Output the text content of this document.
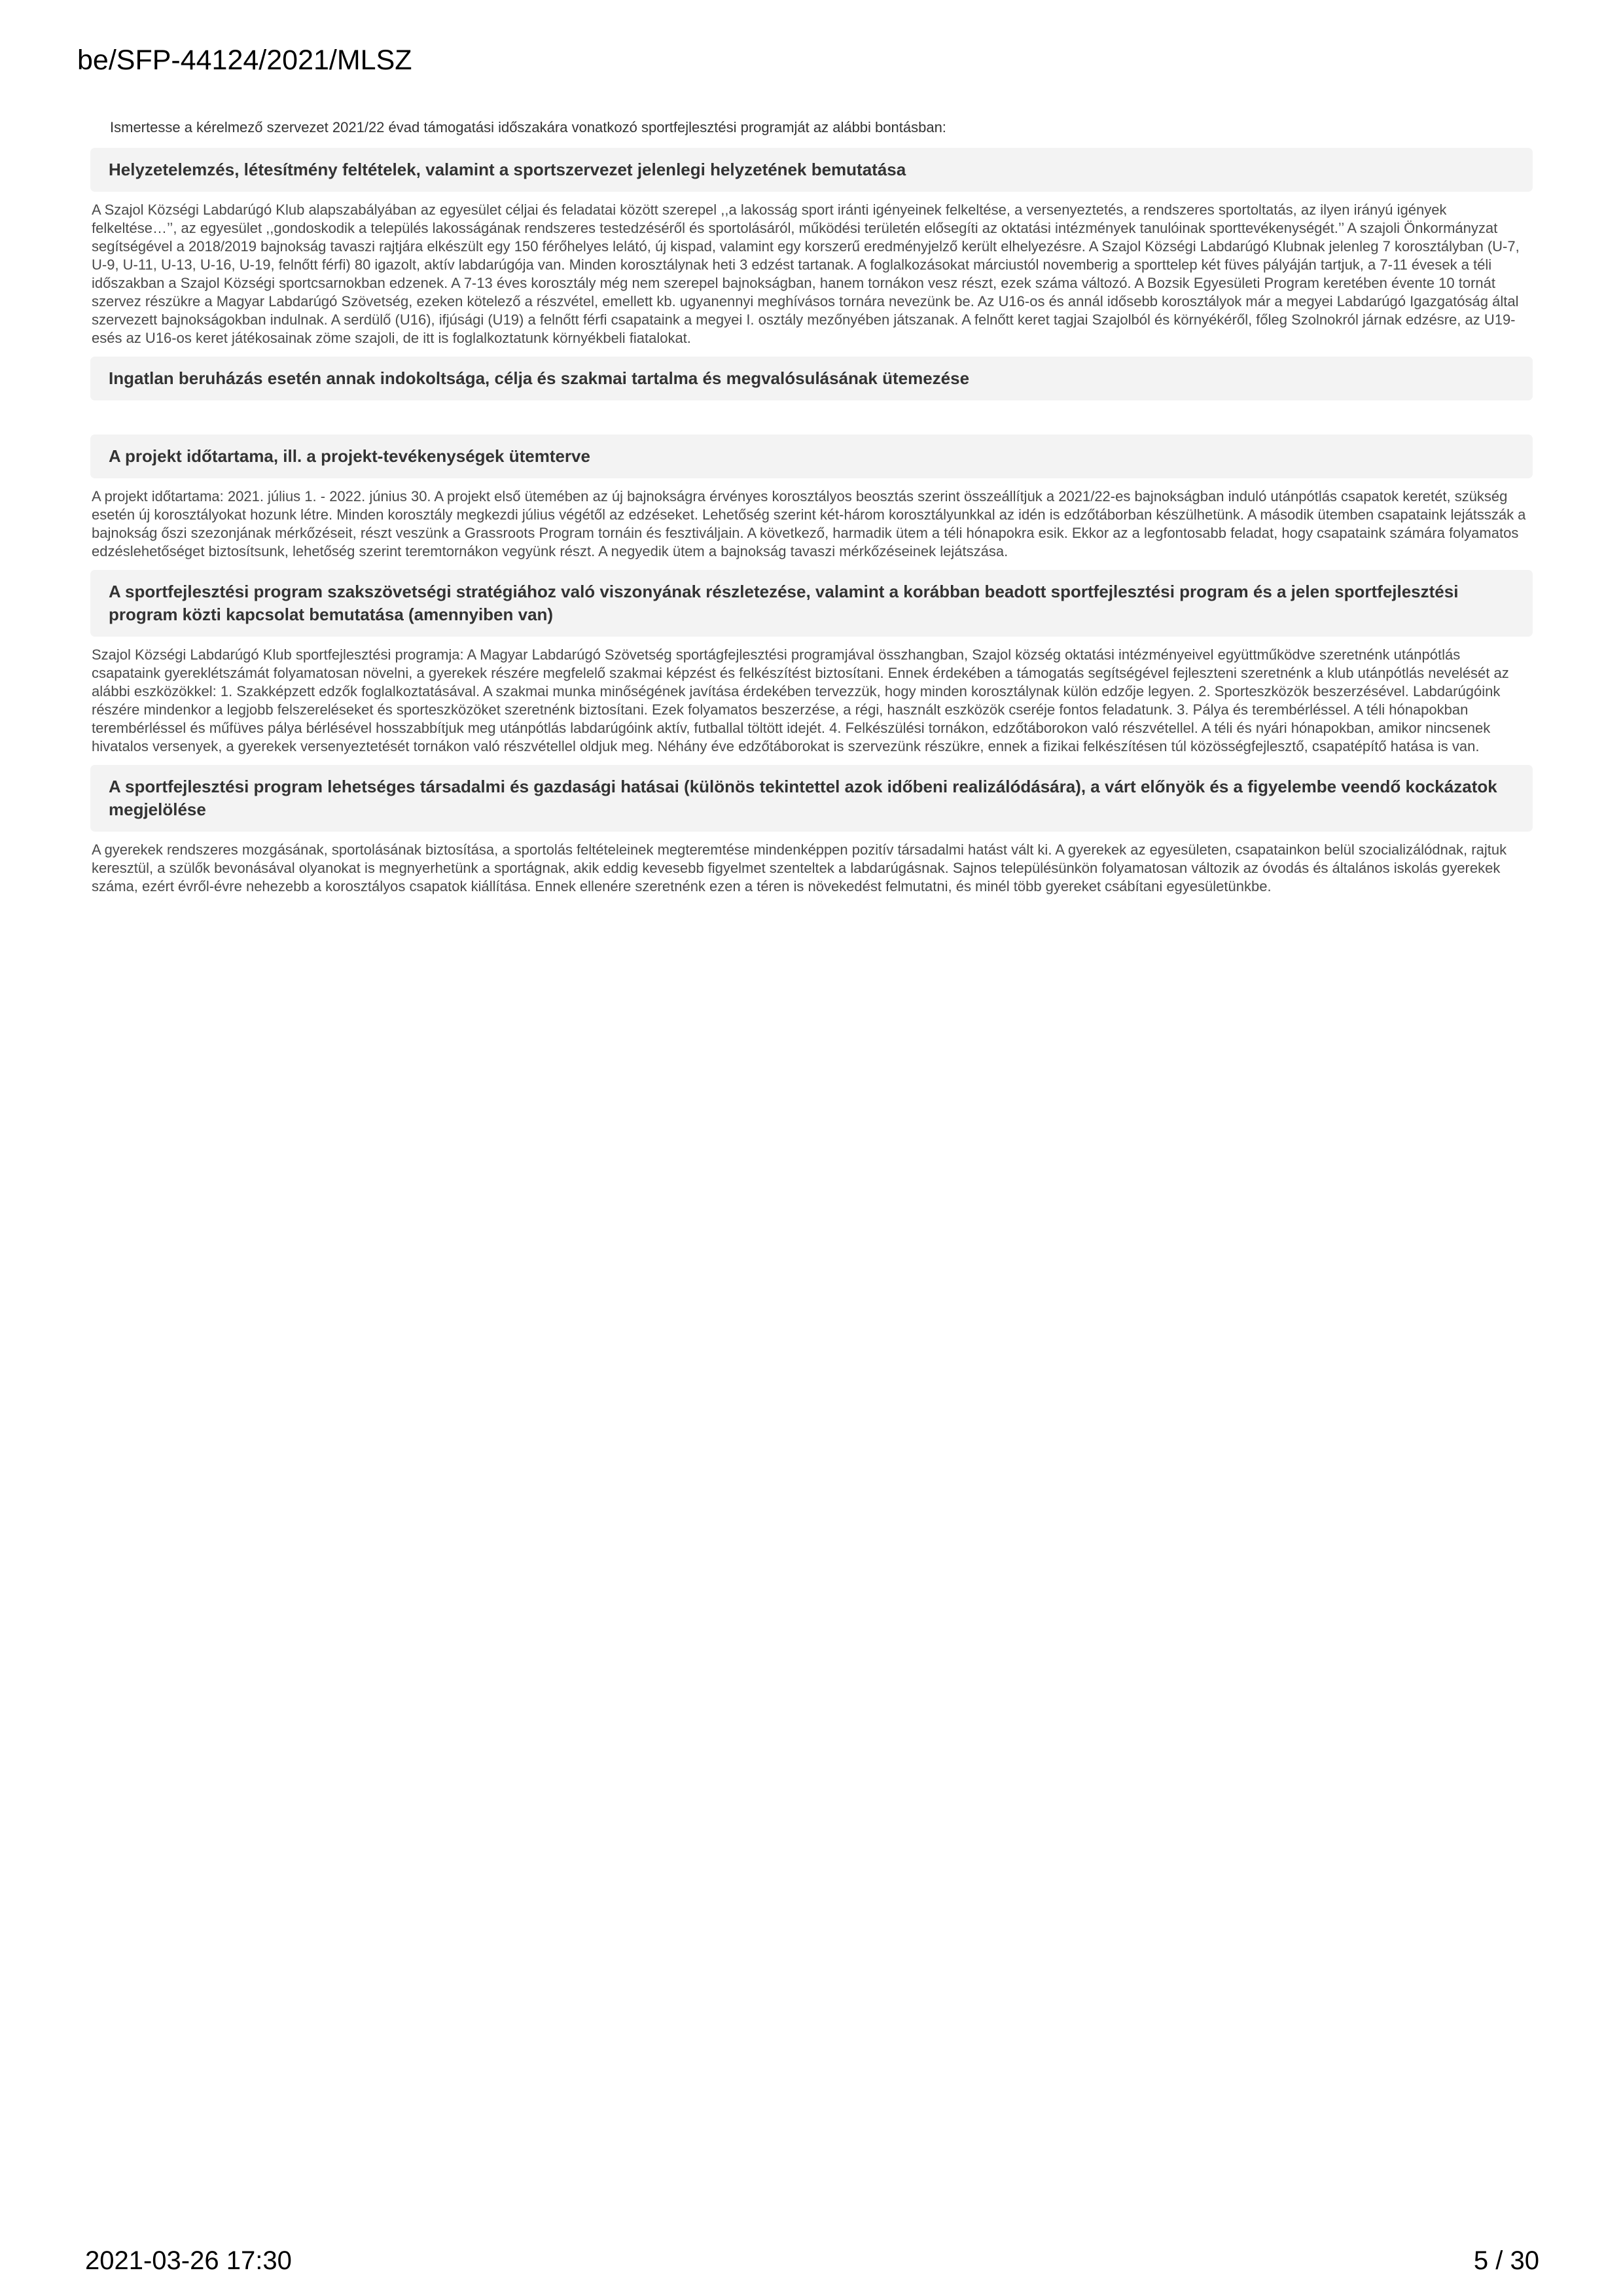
be/SFP-44124/2021/MLSZ

Ismertesse a kérelmező szervezet 2021/22 évad támogatási időszakára vonatkozó sportfejlesztési programját az alábbi bontásban:

Helyzetelemzés, létesítmény feltételek, valamint a sportszervezet jelenlegi helyzetének bemutatása
A Szajol Községi Labdarúgó Klub alapszabályában az egyesület céljai és feladatai között szerepel ,,a lakosság sport iránti igényeinek felkeltése, a versenyeztetés, a rendszeres sportoltatás, az ilyen irányú igények felkeltése…’’, az egyesület ,,gondoskodik a település lakosságának rendszeres testedzéséről és sportolásáról, működési területén elősegíti az oktatási intézmények tanulóinak sporttevékenységét.’’ A szajoli Önkormányzat segítségével a 2018/2019 bajnokság tavaszi rajtjára elkészült egy 150 férőhelyes lelátó, új kispad, valamint egy korszerű eredményjelző került elhelyezésre. A Szajol Községi Labdarúgó Klubnak jelenleg 7 korosztályban (U-7, U-9, U-11, U-13, U-16, U-19, felnőtt férfi) 80 igazolt, aktív labdarúgója van. Minden korosztálynak heti 3 edzést tartanak. A foglalkozásokat márciustól novemberig a sporttelep két füves pályáján tartjuk, a 7-11 évesek a téli időszakban a Szajol Községi sportcsarnokban edzenek. A 7-13 éves korosztály még nem szerepel bajnokságban, hanem tornákon vesz részt, ezek száma változó. A Bozsik Egyesületi Program keretében évente 10 tornát szervez részükre a Magyar Labdarúgó Szövetség, ezeken kötelező a részvétel, emellett kb. ugyanennyi meghívásos tornára nevezünk be. Az U16-os és annál idősebb korosztályok már a megyei Labdarúgó Igazgatóság által szervezett bajnokságokban indulnak. A serdülő (U16), ifjúsági (U19) a felnőtt férfi csapataink a megyei I. osztály mezőnyében játszanak. A felnőtt keret tagjai Szajolból és környékéről, főleg Szolnokról járnak edzésre, az U19-esés az U16-os keret játékosainak zöme szajoli, de itt is foglalkoztatunk környékbeli fiatalokat.
Ingatlan beruházás esetén annak indokoltsága, célja és szakmai tartalma és megvalósulásának ütemezése
A projekt időtartama, ill. a projekt-tevékenységek ütemterve
A projekt időtartama: 2021. július 1. - 2022. június 30. A projekt első ütemében az új bajnokságra érvényes korosztályos beosztás szerint összeállítjuk a 2021/22-es bajnokságban induló utánpótlás csapatok keretét, szükség esetén új korosztályokat hozunk létre. Minden korosztály megkezdi július végétől az edzéseket. Lehetőség szerint két-három korosztályunkkal az idén is edzőtáborban készülhetünk. A második ütemben csapataink lejátsszák a bajnokság őszi szezonjának mérkőzéseit, részt veszünk a Grassroots Program tornáin és fesztiváljain. A következő, harmadik ütem a téli hónapokra esik. Ekkor az a legfontosabb feladat, hogy csapataink számára folyamatos edzéslehetőséget biztosítsunk, lehetőség szerint teremtornákon vegyünk részt. A negyedik ütem a bajnokság tavaszi mérkőzéseinek lejátszása.
A sportfejlesztési program szakszövetségi stratégiához való viszonyának részletezése, valamint a korábban beadott sportfejlesztési program és a jelen sportfejlesztési program közti kapcsolat bemutatása (amennyiben van)
Szajol Községi Labdarúgó Klub sportfejlesztési programja: A Magyar Labdarúgó Szövetség sportágfejlesztési programjával összhangban, Szajol község oktatási intézményeivel együttműködve szeretnénk utánpótlás csapataink gyereklétszámát folyamatosan növelni, a gyerekek részére megfelelő szakmai képzést és felkészítést biztosítani. Ennek érdekében a támogatás segítségével fejleszteni szeretnénk a klub utánpótlás nevelését az alábbi eszközökkel: 1. Szakképzett edzők foglalkoztatásával. A szakmai munka minőségének javítása érdekében tervezzük, hogy minden korosztálynak külön edzője legyen. 2. Sporteszközök beszerzésével. Labdarúgóink részére mindenkor a legjobb felszereléseket és sporteszközöket szeretnénk biztosítani. Ezek folyamatos beszerzése, a régi, használt eszközök cseréje fontos feladatunk. 3. Pálya és terembérléssel. A téli hónapokban terembérléssel és műfüves pálya bérlésével hosszabbítjuk meg utánpótlás labdarúgóink aktív, futballal töltött idejét. 4. Felkészülési tornákon, edzőtáborokon való részvétellel. A téli és nyári hónapokban, amikor nincsenek hivatalos versenyek, a gyerekek versenyeztetését tornákon való részvétellel oldjuk meg. Néhány éve edzőtáborokat is szervezünk részükre, ennek a fizikai felkészítésen túl közösségfejlesztő, csapatépítő hatása is van.
A sportfejlesztési program lehetséges társadalmi és gazdasági hatásai (különös tekintettel azok időbeni realizálódására), a várt előnyök és a figyelembe veendő kockázatok megjelölése
A gyerekek rendszeres mozgásának, sportolásának biztosítása, a sportolás feltételeinek megteremtése mindenképpen pozitív társadalmi hatást vált ki. A gyerekek az egyesületen, csapatainkon belül szocializálódnak, rajtuk keresztül, a szülők bevonásával olyanokat is megnyerhetünk a sportágnak, akik eddig kevesebb figyelmet szenteltek a labdarúgásnak. Sajnos településünkön folyamatosan változik az óvodás és általános iskolás gyerekek száma, ezért évről-évre nehezebb a korosztályos csapatok kiállítása. Ennek ellenére szeretnénk ezen a téren is növekedést felmutatni, és minél több gyereket csábítani egyesületünkbe.
2021-03-26 17:30	5 / 30
